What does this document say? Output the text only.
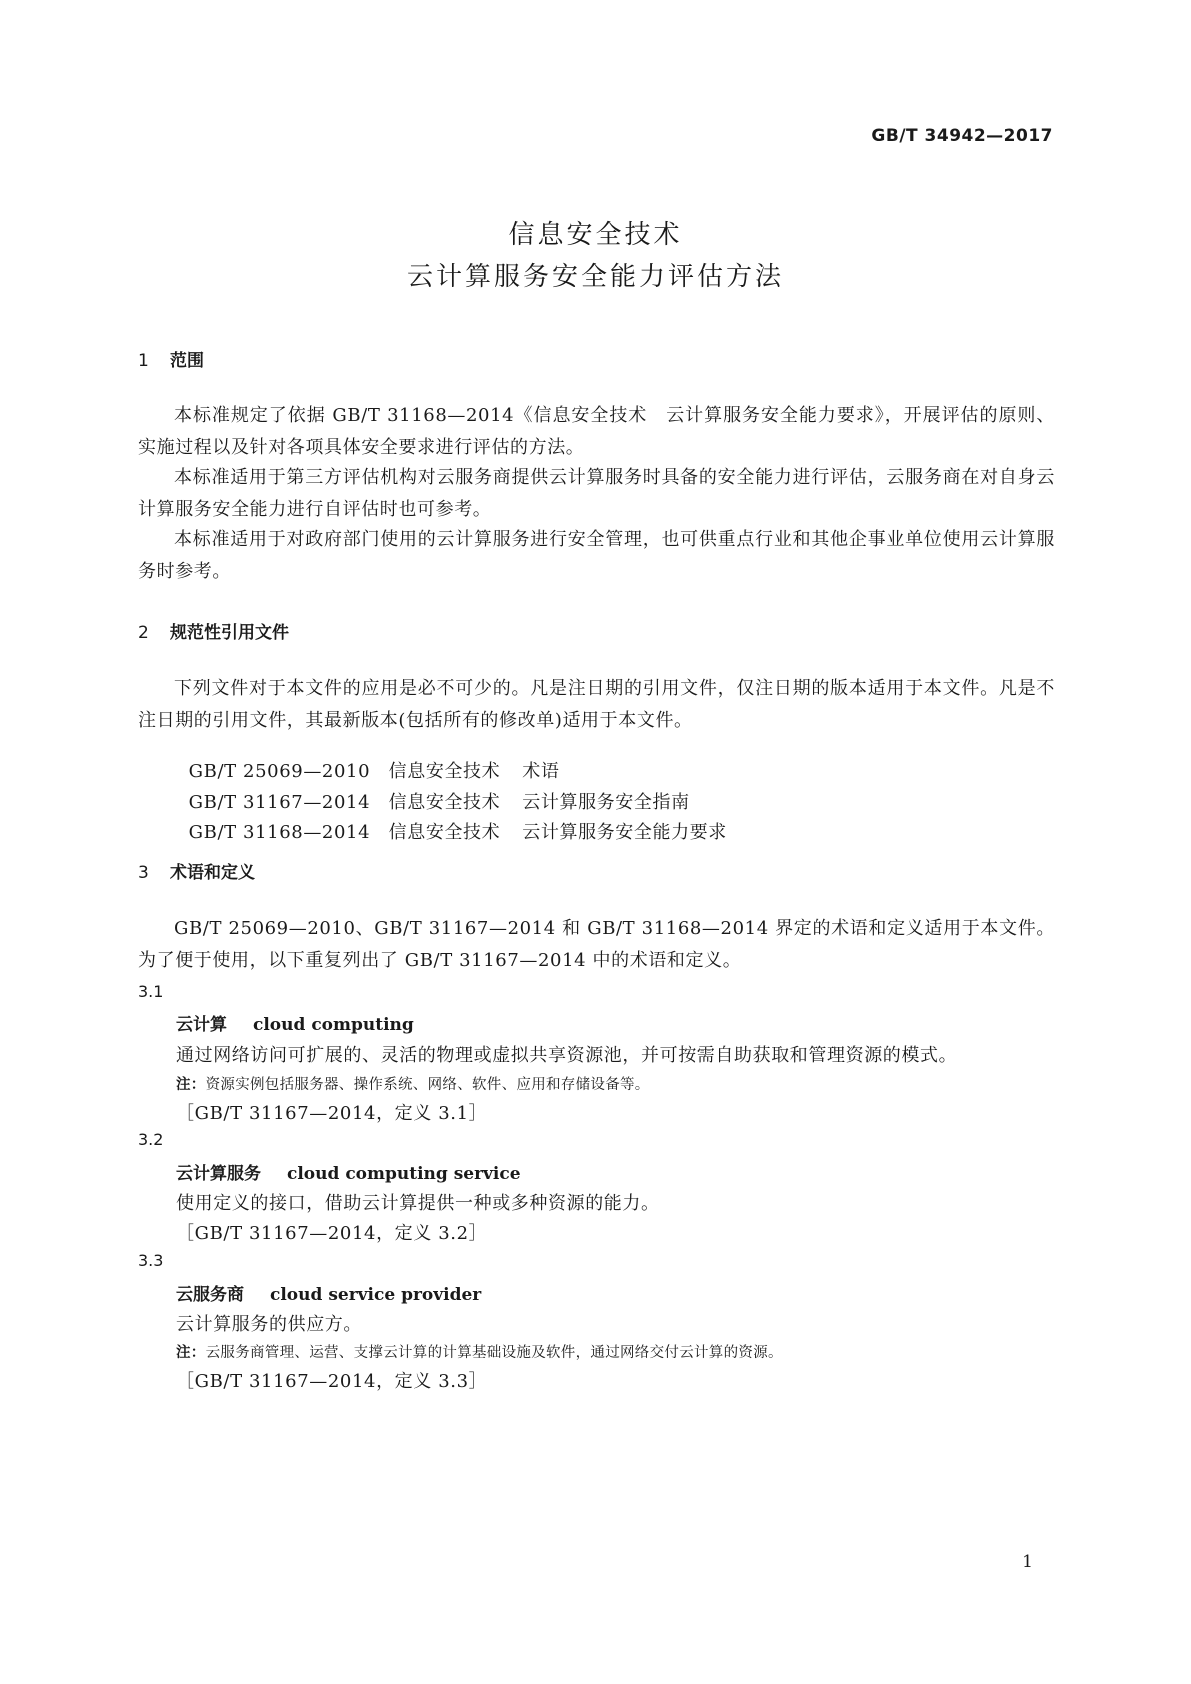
GB/T 34942—2017
信息安全技术
云计算服务安全能力评估方法
1 范围

本标准规定了依据 GB/T 31168—2014《信息安全技术　云计算服务安全能力要求》，开展评估的原则、实施过程以及针对各项具体安全要求进行评估的方法。

本标准适用于第三方评估机构对云服务商提供云计算服务时具备的安全能力进行评估，云服务商在对自身云计算服务安全能力进行自评估时也可参考。

本标准适用于对政府部门使用的云计算服务进行安全管理，也可供重点行业和其他企事业单位使用云计算服务时参考。

2 规范性引用文件

下列文件对于本文件的应用是必不可少的。凡是注日期的引用文件，仅注日期的版本适用于本文件。凡是不注日期的引用文件，其最新版本(包括所有的修改单)适用于本文件。

GB/T 25069—2010 信息安全技术 术语

GB/T 31167—2014 信息安全技术 云计算服务安全指南

GB/T 31168—2014 信息安全技术 云计算服务安全能力要求

3 术语和定义

GB/T 25069—2010、GB/T 31167—2014 和 GB/T 31168—2014 界定的术语和定义适用于本文件。为了便于使用，以下重复列出了 GB/T 31167—2014 中的术语和定义。

3.1
云计算 cloud computing
通过网络访问可扩展的、灵活的物理或虚拟共享资源池，并可按需自助获取和管理资源的模式。
注：资源实例包括服务器、操作系统、网络、软件、应用和存储设备等。
［GB/T 31167—2014，定义 3.1］
3.2
云计算服务 cloud computing service
使用定义的接口，借助云计算提供一种或多种资源的能力。
［GB/T 31167—2014，定义 3.2］
3.3
云服务商 cloud service provider
云计算服务的供应方。
注：云服务商管理、运营、支撑云计算的计算基础设施及软件，通过网络交付云计算的资源。
［GB/T 31167—2014，定义 3.3］
1
